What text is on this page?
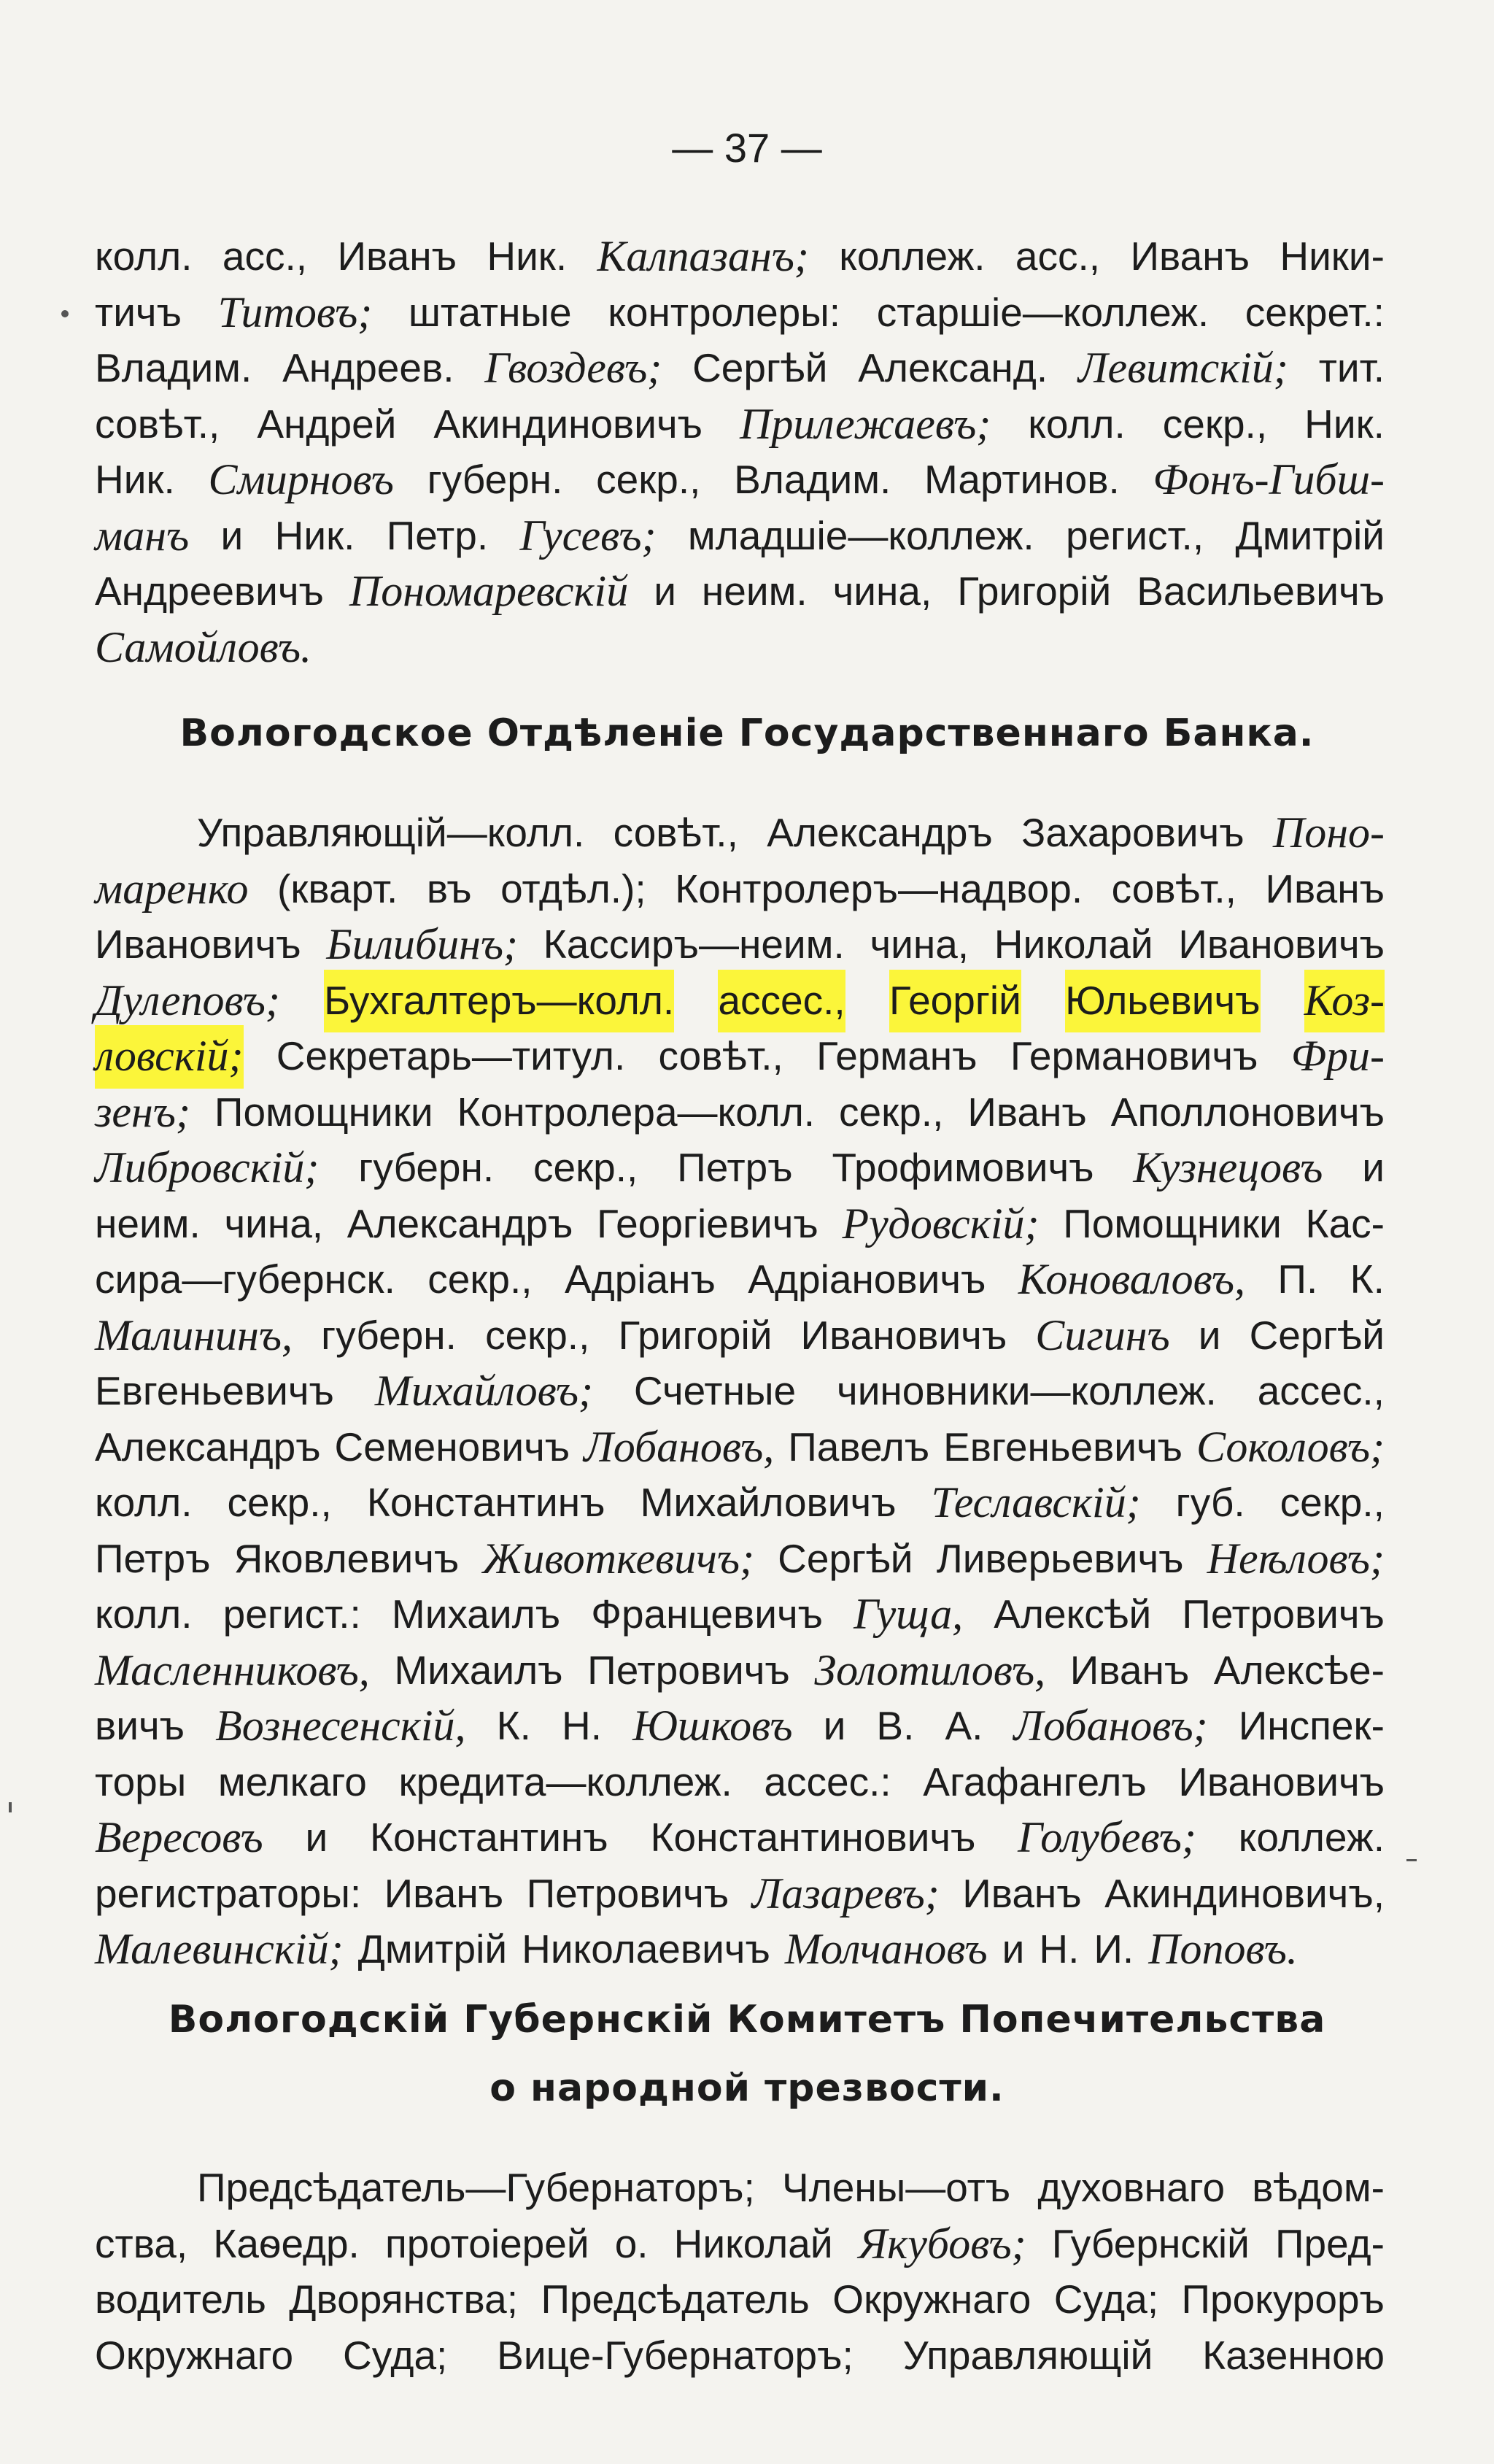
— 37 —
колл. асс., Иванъ Ник. Калпазанъ; коллеж. асс., Иванъ Ники-
тичъ Титовъ; штатные контролеры: старшіе—коллеж. секрет.:
Владим. Андреев. Гвоздевъ; Сергѣй Александ. Левитскій; тит.
совѣт., Андрей Акиндиновичъ Прилежаевъ; колл. секр., Ник.
Ник. Смирновъ губерн. секр., Владим. Мартинов. Фонъ-Гибш-
манъ и Ник. Петр. Гусевъ; младшіе—коллеж. регист., Дмитрій
Андреевичъ Пономаревскій и неим. чина, Григорій Васильевичъ
Самойловъ.
Вологодское Отдѣленіе Государственнаго Банка.
Управляющій—колл. совѣт., Александръ Захаровичъ Поно-
маренко (кварт. въ отдѣл.); Контролеръ—надвор. совѣт., Иванъ
Ивановичъ Билибинъ; Кассиръ—неим. чина, Николай Ивановичъ
Дулеповъ; Бухгалтеръ—колл. ассес., Георгій Юльевичъ Коз-
ловскій; Секретарь—титул. совѣт., Германъ Германовичъ Фри-
зенъ; Помощники Контролера—колл. секр., Иванъ Аполлоновичъ
Либровскій; губерн. секр., Петръ Трофимовичъ Кузнецовъ и
неим. чина, Александръ Георгіевичъ Рудовскій; Помощники Кас-
сира—губернск. секр., Адріанъ Адріановичъ Коноваловъ, П. К.
Малининъ, губерн. секр., Григорій Ивановичъ Сигинъ и Сергѣй
Евгеньевичъ Михайловъ; Счетные чиновники—коллеж. ассес.,
Александръ Семеновичъ Лобановъ, Павелъ Евгеньевичъ Соколовъ;
колл. секр., Константинъ Михайловичъ Теславскій; губ. секр.,
Петръ Яковлевичъ Животкевичъ; Сергѣй Ливерьевичъ Неѣловъ;
колл. регист.: Михаилъ Францевичъ Гуща, Алексѣй Петровичъ
Масленниковъ, Михаилъ Петровичъ Золотиловъ, Иванъ Алексѣе-
вичъ Вознесенскій, К. Н. Юшковъ и В. А. Лобановъ; Инспек-
торы мелкаго кредита—коллеж. ассес.: Агафангелъ Ивановичъ
Вересовъ и Константинъ Константиновичъ Голубевъ; коллеж.
регистраторы: Иванъ Петровичъ Лазаревъ; Иванъ Акиндиновичъ,
Малевинскій; Дмитрій Николаевичъ Молчановъ и Н. И. Поповъ.
Вологодскій Губернскій Комитетъ Попечительства
о народной трезвости.
Предсѣдатель—Губернаторъ; Члены—отъ духовнаго вѣдом-
ства, Каѳедр. протоіерей о. Николай Якубовъ; Губернскій Пред-
водитель Дворянства; Предсѣдатель Окружнаго Суда; Прокуроръ
Окружнаго Суда; Вице-Губернаторъ; Управляющій Казенною
